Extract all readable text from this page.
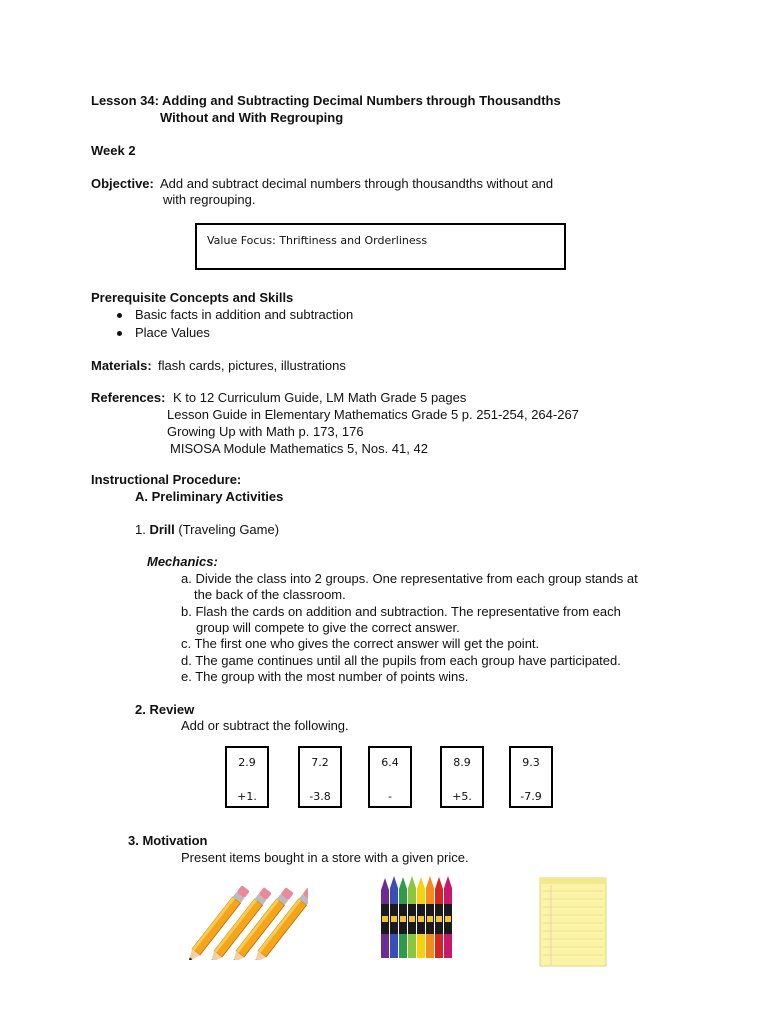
Lesson 34: Adding and Subtracting Decimal Numbers through Thousandths
Without and With Regrouping
Week 2
Objective: Add and subtract decimal numbers through thousandths without and
with regrouping.
Value Focus: Thriftiness and Orderliness
Prerequisite Concepts and Skills
Basic facts in addition and subtraction
Place Values
Materials: flash cards, pictures, illustrations
References: K to 12 Curriculum Guide, LM Math Grade 5 pages
Lesson Guide in Elementary Mathematics Grade 5 p. 251-254, 264-267
Growing Up with Math p. 173, 176
MISOSA Module Mathematics 5, Nos. 41, 42
Instructional Procedure:
A. Preliminary Activities
1. Drill (Traveling Game)
Mechanics:
a. Divide the class into 2 groups. One representative from each group stands at
the back of the classroom.
b. Flash the cards on addition and subtraction. The representative from each
group will compete to give the correct answer.
c. The first one who gives the correct answer will get the point.
d. The game continues until all the pupils from each group have participated.
e. The group with the most number of points wins.
2. Review
Add or subtract the following.
2.9
+1.
7.2
-3.8
6.4
-
8.9
+5.
9.3
-7.9
3. Motivation
Present items bought in a store with a given price.
